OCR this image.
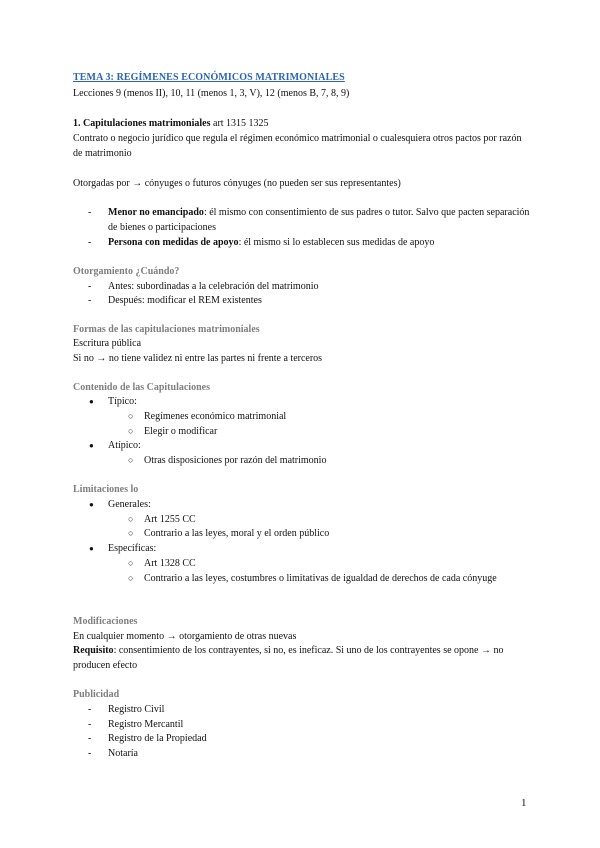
TEMA 3: REGÍMENES ECONÓMICOS MATRIMONIALES
Lecciones 9 (menos II), 10, 11 (menos 1, 3, V), 12 (menos B, 7, 8, 9)
1. Capitulaciones matrimoniales art 1315 1325
Contrato o negocio jurídico que regula el régimen económico matrimonial o cualesquiera otros pactos por razón de matrimonio
Otorgadas por → cónyuges o futuros cónyuges (no pueden ser sus representantes)
- Menor no emancipado: él mismo con consentimiento de sus padres o tutor. Salvo que pacten separación de bienes o participaciones
- Persona con medidas de apoyo: él mismo si lo establecen sus medidas de apoyo
Otorgamiento ¿Cuándo?
- Antes: subordinadas a la celebración del matrimonio
- Después: modificar el REM existentes
Formas de las capitulaciones matrimoniales
Escritura pública
Si no → no tiene validez ni entre las partes ni frente a terceros
Contenido de las Capitulaciones
● Típico:
○ Regímenes económico matrimonial
○ Elegir o modificar
● Atípico:
○ Otras disposiciones por razón del matrimonio
Limitaciones lo
● Generales:
○ Art 1255 CC
○ Contrario a las leyes, moral y el orden público
● Específicas:
○ Art 1328 CC
○ Contrario a las leyes, costumbres o limitativas de igualdad de derechos de cada cónyuge
Modificaciones
En cualquier momento → otorgamiento de otras nuevas
Requisito: consentimiento de los contrayentes, si no, es ineficaz. Si uno de los contrayentes se opone → no producen efecto
Publicidad
- Registro Civil
- Registro Mercantil
- Registro de la Propiedad
- Notaría
1
